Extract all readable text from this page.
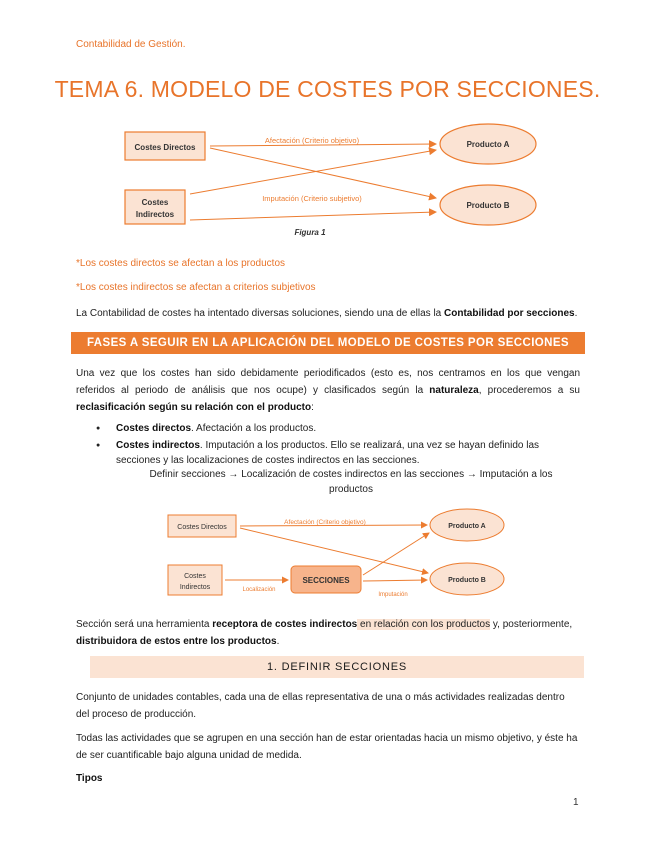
Contabilidad de Gestión.
TEMA 6. MODELO DE COSTES POR SECCIONES.
Costes Directos
Costes
Indirectos
Producto A
Producto B
Afectación (Criterio objetivo)
Imputación (Criterio subjetivo)
Figura 1
*Los costes directos se afectan a los productos
*Los costes indirectos se afectan a criterios subjetivos
La Contabilidad de costes ha intentado diversas soluciones, siendo una de ellas la Contabilidad por secciones.
FASES A SEGUIR EN LA APLICACIÓN DEL MODELO DE COSTES POR SECCIONES
Una vez que los costes han sido debidamente periodificados (esto es, nos centramos en los que vengan referidos al periodo de análisis que nos ocupe) y clasificados según la naturaleza, procederemos a su reclasificación según su relación con el producto:
● Costes directos. Afectación a los productos.
● Costes indirectos. Imputación a los productos. Ello se realizará, una vez se hayan definido las secciones y las localizaciones de costes indirectos en las secciones.
Definir secciones → Localización de costes indirectos en las secciones → Imputación a los
productos
Costes Directos
Costes
Indirectos
SECCIONES
Producto A
Producto B
Afectación (Criterio objetivo)
Localización
Imputación
Sección será una herramienta receptora de costes indirectos en relación con los productos y, posteriormente, distribuidora de estos entre los productos.
1. DEFINIR SECCIONES
Conjunto de unidades contables, cada una de ellas representativa de una o más actividades realizadas dentro del proceso de producción.
Todas las actividades que se agrupen en una sección han de estar orientadas hacia un mismo objetivo, y éste ha de ser cuantificable bajo alguna unidad de medida.
Tipos
1
